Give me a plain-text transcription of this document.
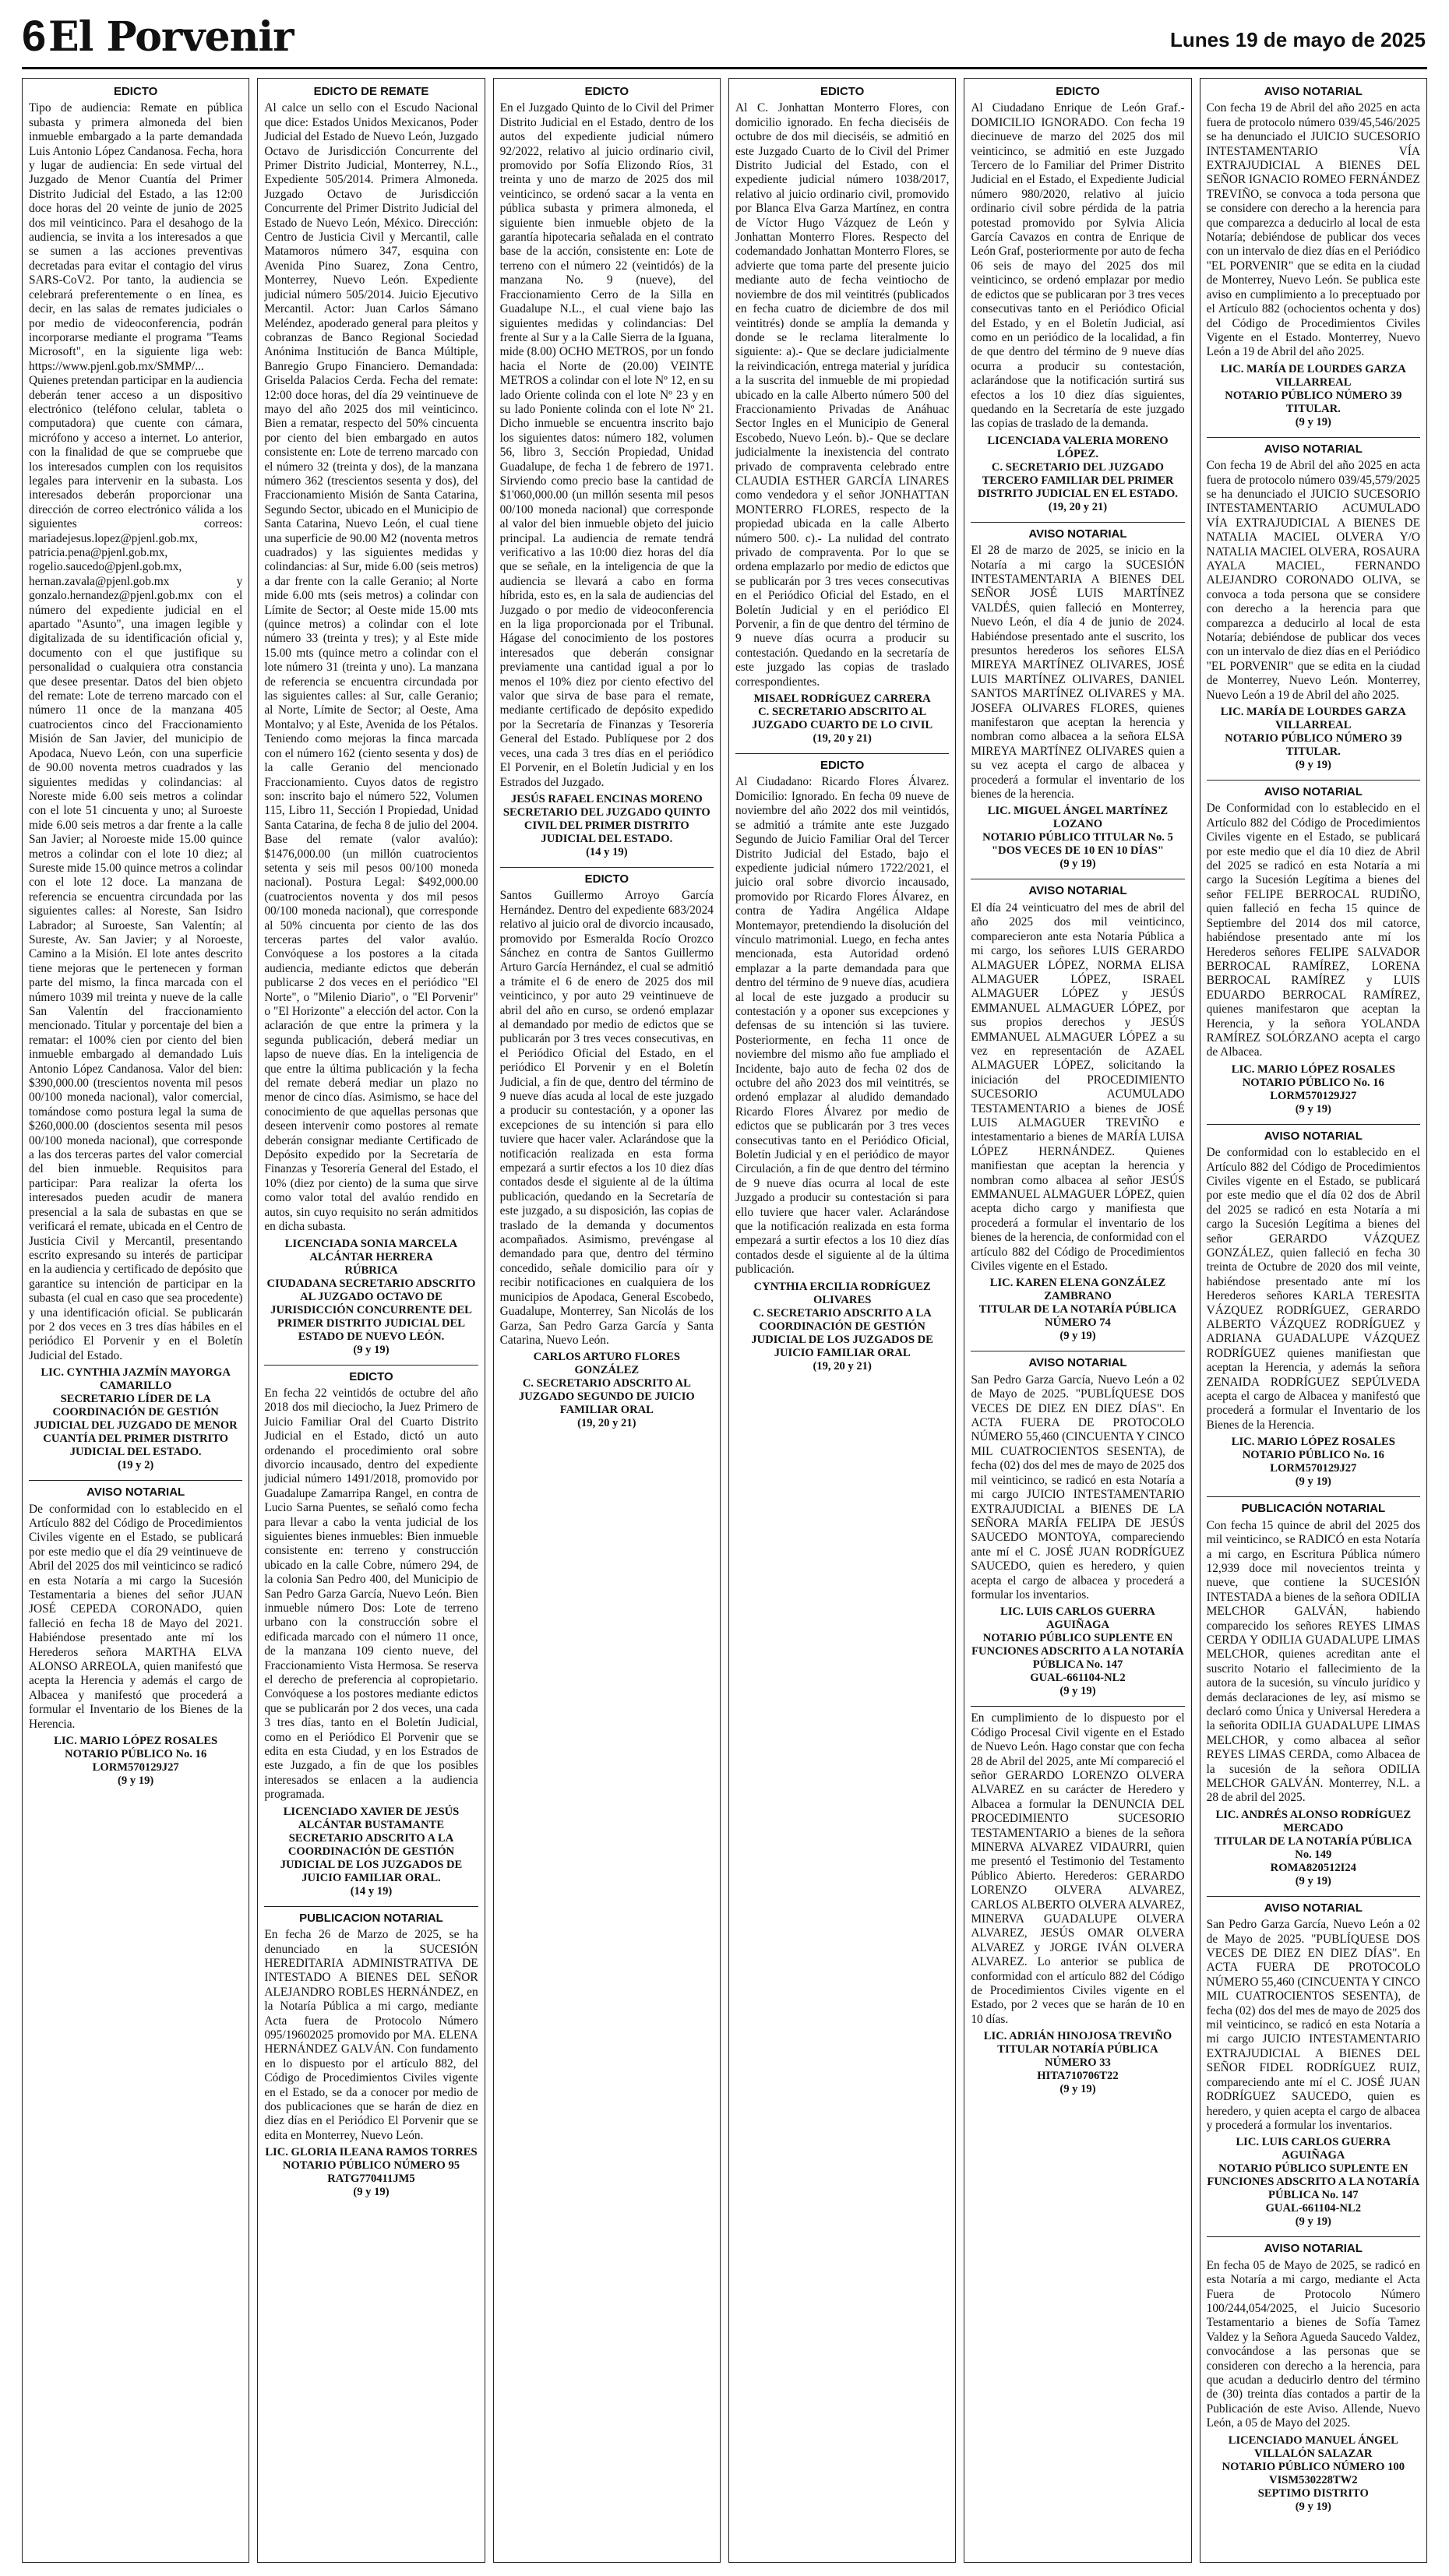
6 El Porvenir	Lunes 19 de mayo de 2025
EDICTO

Tipo de audiencia: Remate en pública subasta y primera almoneda del bien inmueble embargado a la parte demandada Luis Antonio López Candanosa. Fecha, hora y lugar de audiencia: En sede virtual del Juzgado de Menor Cuantía del Primer Distrito Judicial del Estado, a las 12:00 doce horas del 20 veinte de junio de 2025 dos mil veinticinco. Para el desahogo de la audiencia, se invita a los interesados a que se sumen a las acciones preventivas decretadas para evitar el contagio del virus SARS-CoV2. Por tanto, la audiencia se celebrará preferentemente o en línea, es decir, en las salas de remates judiciales o por medio de videoconferencia, podrán incorporarse mediante el programa "Teams Microsoft", en la siguiente liga web: https://www.pjenl.gob.mx/SMMP/... Quienes pretendan participar en la audiencia deberán tener acceso a un dispositivo electrónico (teléfono celular, tableta o computadora) que cuente con cámara, micrófono y acceso a internet. Lo anterior, con la finalidad de que se compruebe que los interesados cumplen con los requisitos legales para intervenir en la subasta. Los interesados deberán proporcionar una dirección de correo electrónico válida a los siguientes correos: mariadejesus.lopez@pjenl.gob.mx, patricia.pena@pjenl.gob.mx, rogelio.saucedo@pjenl.gob.mx, hernan.zavala@pjenl.gob.mx y gonzalo.hernandez@pjenl.gob.mx con el número del expediente judicial en el apartado "Asunto", una imagen legible y digitalizada de su identificación oficial y, documento con el que justifique su personalidad o cualquiera otra constancia que desee presentar. Datos del bien objeto del remate: Lote de terreno marcado con el número 11 once de la manzana 405 cuatrocientos cinco del Fraccionamiento Misión de San Javier, del municipio de Apodaca, Nuevo León, con una superficie de 90.00 noventa metros cuadrados y las siguientes medidas y colindancias: al Noreste mide 6.00 seis metros a colindar con el lote 51 cincuenta y uno; al Suroeste mide 6.00 seis metros a dar frente a la calle San Javier; al Noroeste mide 15.00 quince metros a colindar con el lote 10 diez; al Sureste mide 15.00 quince metros a colindar con el lote 12 doce. La manzana de referencia se encuentra circundada por las siguientes calles: al Noreste, San Isidro Labrador; al Suroeste, San Valentín; al Sureste, Av. San Javier; y al Noroeste, Camino a la Misión. El lote antes descrito tiene mejoras que le pertenecen y forman parte del mismo, la finca marcada con el número 1039 mil treinta y nueve de la calle San Valentín del fraccionamiento mencionado. Titular y porcentaje del bien a rematar: el 100% cien por ciento del bien inmueble embargado al demandado Luis Antonio López Candanosa. Valor del bien: $390,000.00 (trescientos noventa mil pesos 00/100 moneda nacional), valor comercial, tomándose como postura legal la suma de $260,000.00 (doscientos sesenta mil pesos 00/100 moneda nacional), que corresponde a las dos terceras partes del valor comercial del bien inmueble. Requisitos para participar: Para realizar la oferta los interesados pueden acudir de manera presencial a la sala de subastas en que se verificará el remate, ubicada en el Centro de Justicia Civil y Mercantil, presentando escrito expresando su interés de participar en la audiencia y certificado de depósito que garantice su intención de participar en la subasta (el cual en caso que sea procedente) y una identificación oficial. Se publicarán por 2 dos veces en 3 tres días hábiles en el periódico El Porvenir y en el Boletín Judicial del Estado.

LIC. CYNTHIA JAZMÍN MAYORGA CAMARILLO
SECRETARIO LÍDER DE LA COORDINACIÓN DE GESTIÓN JUDICIAL DEL JUZGADO DE MENOR CUANTÍA DEL PRIMER DISTRITO JUDICIAL DEL ESTADO.
(19 y 2)
AVISO NOTARIAL

De conformidad con lo establecido en el Artículo 882 del Código de Procedimientos Civiles vigente en el Estado, se publicará por este medio que el día 29 veintinueve de Abril del 2025 dos mil veinticinco se radicó en esta Notaría a mi cargo la Sucesión Testamentaria a bienes del señor JUAN JOSÉ CEPEDA CORONADO, quien falleció en fecha 18 de Mayo del 2021. Habiéndose presentado ante mí los Herederos señora MARTHA ELVA ALONSO ARREOLA, quien manifestó que acepta la Herencia y además el cargo de Albacea y manifestó que procederá a formular el Inventario de los Bienes de la Herencia.

LIC. MARIO LÓPEZ ROSALES
NOTARIO PÚBLICO No. 16
LORM570129J27
(9 y 19)
EDICTO DE REMATE

Al calce un sello con el Escudo Nacional que dice: Estados Unidos Mexicanos, Poder Judicial del Estado de Nuevo León, Juzgado Octavo de Jurisdicción Concurrente del Primer Distrito Judicial, Monterrey, N.L., Expediente 505/2014. Primera Almoneda. Juzgado Octavo de Jurisdicción Concurrente del Primer Distrito Judicial del Estado de Nuevo León, México. Dirección: Centro de Justicia Civil y Mercantil, calle Matamoros número 347, esquina con Avenida Pino Suarez, Zona Centro, Monterrey, Nuevo León. Expediente judicial número 505/2014. Juicio Ejecutivo Mercantil. Actor: Juan Carlos Sámano Meléndez, apoderado general para pleitos y cobranzas de Banco Regional Sociedad Anónima Institución de Banca Múltiple, Banregio Grupo Financiero. Demandada: Griselda Palacios Cerda. Fecha del remate: 12:00 doce horas, del día 29 veintinueve de mayo del año 2025 dos mil veinticinco. Bien a rematar, respecto del 50% cincuenta por ciento del bien embargado en autos consistente en: Lote de terreno marcado con el número 32 (treinta y dos), de la manzana número 362 (trescientos sesenta y dos), del Fraccionamiento Misión de Santa Catarina, Segundo Sector, ubicado en el Municipio de Santa Catarina, Nuevo León, el cual tiene una superficie de 90.00 M2 (noventa metros cuadrados) y las siguientes medidas y colindancias: al Sur, mide 6.00 (seis metros) a dar frente con la calle Geranio; al Norte mide 6.00 mts (seis metros) a colindar con Límite de Sector; al Oeste mide 15.00 mts (quince metros) a colindar con el lote número 33 (treinta y tres); y al Este mide 15.00 mts (quince metro a colindar con el lote número 31 (treinta y uno). La manzana de referencia se encuentra circundada por las siguientes calles: al Sur, calle Geranio; al Norte, Límite de Sector; al Oeste, Ama Montalvo; y al Este, Avenida de los Pétalos. Teniendo como mejoras la finca marcada con el número 162 (ciento sesenta y dos) de la calle Geranio del mencionado Fraccionamiento. Cuyos datos de registro son: inscrito bajo el número 522, Volumen 115, Libro 11, Sección I Propiedad, Unidad Santa Catarina, de fecha 8 de julio del 2004. Base del remate (valor avalúo): $1476,000.00 (un millón cuatrocientos setenta y seis mil pesos 00/100 moneda nacional). Postura Legal: $492,000.00 (cuatrocientos noventa y dos mil pesos 00/100 moneda nacional), que corresponde al 50% cincuenta por ciento de las dos terceras partes del valor avalúo. Convóquese a los postores a la citada audiencia, mediante edictos que deberán publicarse 2 dos veces en el periódico "El Norte", o "Milenio Diario", o "El Porvenir" o "El Horizonte" a elección del actor. Con la aclaración de que entre la primera y la segunda publicación, deberá mediar un lapso de nueve días. En la inteligencia de que entre la última publicación y la fecha del remate deberá mediar un plazo no menor de cinco días. Asimismo, se hace del conocimiento de que aquellas personas que deseen intervenir como postores al remate deberán consignar mediante Certificado de Depósito expedido por la Secretaría de Finanzas y Tesorería General del Estado, el 10% (diez por ciento) de la suma que sirve como valor total del avalúo rendido en autos, sin cuyo requisito no serán admitidos en dicha subasta.

LICENCIADA SONIA MARCELA ALCÁNTAR HERRERA
RÚBRICA
CIUDADANA SECRETARIO ADSCRITO AL JUZGADO OCTAVO DE JURISDICCIÓN CONCURRENTE DEL PRIMER DISTRITO JUDICIAL DEL ESTADO DE NUEVO LEÓN.
(9 y 19)
EDICTO

En fecha 22 veintidós de octubre del año 2018 dos mil dieciocho, la Juez Primero de Juicio Familiar Oral del Cuarto Distrito Judicial en el Estado, dictó un auto ordenando el procedimiento oral sobre divorcio incausado, dentro del expediente judicial número 1491/2018, promovido por Guadalupe Zamarripa Rangel, en contra de Lucio Sarna Puentes, se señaló como fecha para llevar a cabo la venta judicial de los siguientes bienes inmuebles: Bien inmueble consistente en: terreno y construcción ubicado en la calle Cobre, número 294, de la colonia San Pedro 400, del Municipio de San Pedro Garza García, Nuevo León. Bien inmueble número Dos: Lote de terreno urbano con la construcción sobre el edificada marcado con el número 11 once, de la manzana 109 ciento nueve, del Fraccionamiento Vista Hermosa. Se reserva el derecho de preferencia al copropietario. Convóquese a los postores mediante edictos que se publicarán por 2 dos veces, una cada 3 tres días, tanto en el Boletín Judicial, como en el Periódico El Porvenir que se edita en esta Ciudad, y en los Estrados de este Juzgado, a fin de que los posibles interesados se enlacen a la audiencia programada.

LICENCIADO XAVIER DE JESÚS ALCÁNTAR BUSTAMANTE
SECRETARIO ADSCRITO A LA COORDINACIÓN DE GESTIÓN JUDICIAL DE LOS JUZGADOS DE JUICIO FAMILIAR ORAL.
(14 y 19)
PUBLICACION NOTARIAL

En fecha 26 de Marzo de 2025, se ha denunciado en la SUCESIÓN HEREDITARIA ADMINISTRATIVA DE INTESTADO A BIENES DEL SEÑOR ALEJANDRO ROBLES HERNÁNDEZ, en la Notaría Pública a mi cargo, mediante Acta fuera de Protocolo Número 095/19602025 promovido por MA. ELENA HERNÁNDEZ GALVÁN. Con fundamento en lo dispuesto por el artículo 882, del Código de Procedimientos Civiles vigente en el Estado, se da a conocer por medio de dos publicaciones que se harán de diez en diez días en el Periódico El Porvenir que se edita en Monterrey, Nuevo León.

LIC. GLORIA ILEANA RAMOS TORRES
NOTARIO PÚBLICO NÚMERO 95
RATG770411JM5
(9 y 19)
EDICTO

En el Juzgado Quinto de lo Civil del Primer Distrito Judicial en el Estado, dentro de los autos del expediente judicial número 92/2022, relativo al juicio ordinario civil, promovido por Sofía Elizondo Ríos, 31 treinta y uno de marzo de 2025 dos mil veinticinco, se ordenó sacar a la venta en pública subasta y primera almoneda, el siguiente bien inmueble objeto de la garantía hipotecaria señalada en el contrato base de la acción, consistente en: Lote de terreno con el número 22 (veintidós) de la manzana No. 9 (nueve), del Fraccionamiento Cerro de la Silla en Guadalupe N.L., el cual viene bajo las siguientes medidas y colindancias: Del frente al Sur y a la Calle Sierra de la Iguana, mide (8.00) OCHO METROS, por un fondo hacia el Norte de (20.00) VEINTE METROS a colindar con el lote Nº 12, en su lado Oriente colinda con el lote Nº 23 y en su lado Poniente colinda con el lote Nº 21. Dicho inmueble se encuentra inscrito bajo los siguientes datos: número 182, volumen 56, libro 3, Sección Propiedad, Unidad Guadalupe, de fecha 1 de febrero de 1971. Sirviendo como precio base la cantidad de $1'060,000.00 (un millón sesenta mil pesos 00/100 moneda nacional) que corresponde al valor del bien inmueble objeto del juicio principal. La audiencia de remate tendrá verificativo a las 10:00 diez horas del día que se señale, en la inteligencia de que la audiencia se llevará a cabo en forma híbrida, esto es, en la sala de audiencias del Juzgado o por medio de videoconferencia en la liga proporcionada por el Tribunal. Hágase del conocimiento de los postores interesados que deberán consignar previamente una cantidad igual a por lo menos el 10% diez por ciento efectivo del valor que sirva de base para el remate, mediante certificado de depósito expedido por la Secretaría de Finanzas y Tesorería General del Estado. Publíquese por 2 dos veces, una cada 3 tres días en el periódico El Porvenir, en el Boletín Judicial y en los Estrados del Juzgado.

JESÚS RAFAEL ENCINAS MORENO
SECRETARIO DEL JUZGADO QUINTO CIVIL DEL PRIMER DISTRITO JUDICIAL DEL ESTADO.
(14 y 19)
EDICTO

Santos Guillermo Arroyo García Hernández. Dentro del expediente 683/2024 relativo al juicio oral de divorcio incausado, promovido por Esmeralda Rocío Orozco Sánchez en contra de Santos Guillermo Arturo García Hernández, el cual se admitió a trámite el 6 de enero de 2025 dos mil veinticinco, y por auto 29 veintinueve de abril del año en curso, se ordenó emplazar al demandado por medio de edictos que se publicarán por 3 tres veces consecutivas, en el Periódico Oficial del Estado, en el periódico El Porvenir y en el Boletín Judicial, a fin de que, dentro del término de 9 nueve días acuda al local de este juzgado a producir su contestación, y a oponer las excepciones de su intención si para ello tuviere que hacer valer. Aclarándose que la notificación realizada en esta forma empezará a surtir efectos a los 10 diez días contados desde el siguiente al de la última publicación, quedando en la Secretaría de este juzgado, a su disposición, las copias de traslado de la demanda y documentos acompañados. Asimismo, prevéngase al demandado para que, dentro del término concedido, señale domicilio para oír y recibir notificaciones en cualquiera de los municipios de Apodaca, General Escobedo, Guadalupe, Monterrey, San Nicolás de los Garza, San Pedro Garza García y Santa Catarina, Nuevo León.

CARLOS ARTURO FLORES GONZÁLEZ
C. SECRETARIO ADSCRITO AL JUZGADO SEGUNDO DE JUICIO FAMILIAR ORAL
(19, 20 y 21)
EDICTO

Al C. Jonhattan Monterro Flores, con domicilio ignorado. En fecha dieciséis de octubre de dos mil dieciséis, se admitió en este Juzgado Cuarto de lo Civil del Primer Distrito Judicial del Estado, con el expediente judicial número 1038/2017, relativo al juicio ordinario civil, promovido por Blanca Elva Garza Martínez, en contra de Víctor Hugo Vázquez de León y Jonhattan Monterro Flores. Respecto del codemandado Jonhattan Monterro Flores, se advierte que toma parte del presente juicio mediante auto de fecha veintiocho de noviembre de dos mil veintitrés (publicados en fecha cuatro de diciembre de dos mil veintitrés) donde se amplía la demanda y donde se le reclama literalmente lo siguiente: a).- Que se declare judicialmente la reivindicación, entrega material y jurídica a la suscrita del inmueble de mi propiedad ubicado en la calle Alberto número 500 del Fraccionamiento Privadas de Anáhuac Sector Ingles en el Municipio de General Escobedo, Nuevo León. b).- Que se declare judicialmente la inexistencia del contrato privado de compraventa celebrado entre CLAUDIA ESTHER GARCÍA LINARES como vendedora y el señor JONHATTAN MONTERRO FLORES, respecto de la propiedad ubicada en la calle Alberto número 500. c).- La nulidad del contrato privado de compraventa. Por lo que se ordena emplazarlo por medio de edictos que se publicarán por 3 tres veces consecutivas en el Periódico Oficial del Estado, en el Boletín Judicial y en el periódico El Porvenir, a fin de que dentro del término de 9 nueve días ocurra a producir su contestación. Quedando en la secretaría de este juzgado las copias de traslado correspondientes.

MISAEL RODRÍGUEZ CARRERA
C. SECRETARIO ADSCRITO AL JUZGADO CUARTO DE LO CIVIL
(19, 20 y 21)
EDICTO

Al Ciudadano: Ricardo Flores Álvarez. Domicilio: Ignorado. En fecha 09 nueve de noviembre del año 2022 dos mil veintidós, se admitió a trámite ante este Juzgado Segundo de Juicio Familiar Oral del Tercer Distrito Judicial del Estado, bajo el expediente judicial número 1722/2021, el juicio oral sobre divorcio incausado, promovido por Ricardo Flores Álvarez, en contra de Yadira Angélica Aldape Montemayor, pretendiendo la disolución del vínculo matrimonial. Luego, en fecha antes mencionada, esta Autoridad ordenó emplazar a la parte demandada para que dentro del término de 9 nueve días, acudiera al local de este juzgado a producir su contestación y a oponer sus excepciones y defensas de su intención si las tuviere. Posteriormente, en fecha 11 once de noviembre del mismo año fue ampliado el Incidente, bajo auto de fecha 02 dos de octubre del año 2023 dos mil veintitrés, se ordenó emplazar al aludido demandado Ricardo Flores Álvarez por medio de edictos que se publicarán por 3 tres veces consecutivas tanto en el Periódico Oficial, Boletín Judicial y en el periódico de mayor Circulación, a fin de que dentro del término de 9 nueve días ocurra al local de este Juzgado a producir su contestación si para ello tuviere que hacer valer. Aclarándose que la notificación realizada en esta forma empezará a surtir efectos a los 10 diez días contados desde el siguiente al de la última publicación.

CYNTHIA ERCILIA RODRÍGUEZ OLIVARES
C. SECRETARIO ADSCRITO A LA COORDINACIÓN DE GESTIÓN JUDICIAL DE LOS JUZGADOS DE JUICIO FAMILIAR ORAL
(19, 20 y 21)
EDICTO

Al Ciudadano Enrique de León Graf.- DOMICILIO IGNORADO. Con fecha 19 diecinueve de marzo del 2025 dos mil veinticinco, se admitió en este Juzgado Tercero de lo Familiar del Primer Distrito Judicial en el Estado, el Expediente Judicial número 980/2020, relativo al juicio ordinario civil sobre pérdida de la patria potestad promovido por Sylvia Alicia García Cavazos en contra de Enrique de León Graf, posteriormente por auto de fecha 06 seis de mayo del 2025 dos mil veinticinco, se ordenó emplazar por medio de edictos que se publicaran por 3 tres veces consecutivas tanto en el Periódico Oficial del Estado, y en el Boletín Judicial, así como en un periódico de la localidad, a fin de que dentro del término de 9 nueve días ocurra a producir su contestación, aclarándose que la notificación surtirá sus efectos a los 10 diez días siguientes, quedando en la Secretaría de este juzgado las copias de traslado de la demanda.

LICENCIADA VALERIA MORENO LÓPEZ.
C. SECRETARIO DEL JUZGADO TERCERO FAMILIAR DEL PRIMER DISTRITO JUDICIAL EN EL ESTADO.
(19, 20 y 21)
AVISO NOTARIAL

El 28 de marzo de 2025, se inicio en la Notaría a mi cargo la SUCESIÓN INTESTAMENTARIA A BIENES DEL SEÑOR JOSÉ LUIS MARTÍNEZ VALDÉS, quien falleció en Monterrey, Nuevo León, el día 4 de junio de 2024. Habiéndose presentado ante el suscrito, los presuntos herederos los señores ELSA MIREYA MARTÍNEZ OLIVARES, JOSÉ LUIS MARTÍNEZ OLIVARES, DANIEL SANTOS MARTÍNEZ OLIVARES y MA. JOSEFA OLIVARES FLORES, quienes manifestaron que aceptan la herencia y nombran como albacea a la señora ELSA MIREYA MARTÍNEZ OLIVARES quien a su vez acepta el cargo de albacea y procederá a formular el inventario de los bienes de la herencia.

LIC. MIGUEL ÁNGEL MARTÍNEZ LOZANO
NOTARIO PÚBLICO TITULAR No. 5
"DOS VECES DE 10 EN 10 DÍAS"
(9 y 19)
AVISO NOTARIAL

El día 24 veinticuatro del mes de abril del año 2025 dos mil veinticinco, comparecieron ante esta Notaría Pública a mi cargo, los señores LUIS GERARDO ALMAGUER LÓPEZ, NORMA ELISA ALMAGUER LÓPEZ, ISRAEL ALMAGUER LÓPEZ y JESÚS EMMANUEL ALMAGUER LÓPEZ, por sus propios derechos y JESÚS EMMANUEL ALMAGUER LÓPEZ a su vez en representación de AZAEL ALMAGUER LÓPEZ, solicitando la iniciación del PROCEDIMIENTO SUCESORIO ACUMULADO TESTAMENTARIO a bienes de JOSÉ LUIS ALMAGUER TREVIÑO e intestamentario a bienes de MARÍA LUISA LÓPEZ HERNÁNDEZ. Quienes manifiestan que aceptan la herencia y nombran como albacea al señor JESÚS EMMANUEL ALMAGUER LÓPEZ, quien acepta dicho cargo y manifiesta que procederá a formular el inventario de los bienes de la herencia, de conformidad con el artículo 882 del Código de Procedimientos Civiles vigente en el Estado.

LIC. KAREN ELENA GONZÁLEZ ZAMBRANO
TITULAR DE LA NOTARÍA PÚBLICA NÚMERO 74
(9 y 19)
AVISO NOTARIAL

San Pedro Garza García, Nuevo León a 02 de Mayo de 2025. "PUBLÍQUESE DOS VECES DE DIEZ EN DIEZ DÍAS". En ACTA FUERA DE PROTOCOLO NÚMERO 55,460 (CINCUENTA Y CINCO MIL CUATROCIENTOS SESENTA), de fecha (02) dos del mes de mayo de 2025 dos mil veinticinco, se radicó en esta Notaría a mi cargo JUICIO INTESTAMENTARIO EXTRAJUDICIAL a BIENES DE LA SEÑORA MARÍA FELIPA DE JESÚS SAUCEDO MONTOYA, compareciendo ante mí el C. JOSÉ JUAN RODRÍGUEZ SAUCEDO, quien es heredero, y quien acepta el cargo de albacea y procederá a formular los inventarios.

LIC. LUIS CARLOS GUERRA AGUIÑAGA
NOTARIO PÚBLICO SUPLENTE EN FUNCIONES ADSCRITO A LA NOTARÍA PÚBLICA No. 147
GUAL-661104-NL2
(9 y 19)

En cumplimiento de lo dispuesto por el Código Procesal Civil vigente en el Estado de Nuevo León. Hago constar que con fecha 28 de Abril del 2025, ante Mí compareció el señor GERARDO LORENZO OLVERA ALVAREZ en su carácter de Heredero y Albacea a formular la DENUNCIA DEL PROCEDIMIENTO SUCESORIO TESTAMENTARIO a bienes de la señora MINERVA ALVAREZ VIDAURRI, quien me presentó el Testimonio del Testamento Público Abierto. Herederos: GERARDO LORENZO OLVERA ALVAREZ, CARLOS ALBERTO OLVERA ALVAREZ, MINERVA GUADALUPE OLVERA ALVAREZ, JESÚS OMAR OLVERA ALVAREZ y JORGE IVÁN OLVERA ALVAREZ. Lo anterior se publica de conformidad con el artículo 882 del Código de Procedimientos Civiles vigente en el Estado, por 2 veces que se harán de 10 en 10 días.

LIC. ADRIÁN HINOJOSA TREVIÑO
TITULAR NOTARÍA PÚBLICA NÚMERO 33
HITA710706T22
(9 y 19)
AVISO NOTARIAL

Con fecha 19 de Abril del año 2025 en acta fuera de protocolo número 039/45,546/2025 se ha denunciado el JUICIO SUCESORIO INTESTAMENTARIO VÍA EXTRAJUDICIAL A BIENES DEL SEÑOR IGNACIO ROMEO FERNÁNDEZ TREVIÑO, se convoca a toda persona que se considere con derecho a la herencia para que comparezca a deducirlo al local de esta Notaría; debiéndose de publicar dos veces con un intervalo de diez días en el Periódico "EL PORVENIR" que se edita en la ciudad de Monterrey, Nuevo León. Se publica este aviso en cumplimiento a lo preceptuado por el Artículo 882 (ochocientos ochenta y dos) del Código de Procedimientos Civiles Vigente en el Estado. Monterrey, Nuevo León a 19 de Abril del año 2025.

LIC. MARÍA DE LOURDES GARZA VILLARREAL
NOTARIO PÚBLICO NÚMERO 39
TITULAR.
(9 y 19)
AVISO NOTARIAL

Con fecha 19 de Abril del año 2025 en acta fuera de protocolo número 039/45,579/2025 se ha denunciado el JUICIO SUCESORIO INTESTAMENTARIO ACUMULADO VÍA EXTRAJUDICIAL A BIENES DE NATALIA MACIEL OLVERA Y/O NATALIA MACIEL OLVERA, ROSAURA AYALA MACIEL, FERNANDO ALEJANDRO CORONADO OLIVA, se convoca a toda persona que se considere con derecho a la herencia para que comparezca a deducirlo al local de esta Notaría; debiéndose de publicar dos veces con un intervalo de diez días en el Periódico "EL PORVENIR" que se edita en la ciudad de Monterrey, Nuevo León. Monterrey, Nuevo León a 19 de Abril del año 2025.

LIC. MARÍA DE LOURDES GARZA VILLARREAL
NOTARIO PÚBLICO NÚMERO 39
TITULAR.
(9 y 19)
AVISO NOTARIAL

De Conformidad con lo establecido en el Artículo 882 del Código de Procedimientos Civiles vigente en el Estado, se publicará por este medio que el día 10 diez de Abril del 2025 se radicó en esta Notaría a mi cargo la Sucesión Legítima a bienes del señor FELIPE BERROCAL RUDIÑO, quien falleció en fecha 15 quince de Septiembre del 2014 dos mil catorce, habiéndose presentado ante mí los Herederos señores FELIPE SALVADOR BERROCAL RAMÍREZ, LORENA BERROCAL RAMÍREZ y LUIS EDUARDO BERROCAL RAMÍREZ, quienes manifestaron que aceptan la Herencia, y la señora YOLANDA RAMÍREZ SOLÓRZANO acepta el cargo de Albacea.

LIC. MARIO LÓPEZ ROSALES
NOTARIO PÚBLICO No. 16
LORM570129J27
(9 y 19)
AVISO NOTARIAL

De conformidad con lo establecido en el Artículo 882 del Código de Procedimientos Civiles vigente en el Estado, se publicará por este medio que el día 02 dos de Abril del 2025 se radicó en esta Notaría a mi cargo la Sucesión Legítima a bienes del señor GERARDO VÁZQUEZ GONZÁLEZ, quien falleció en fecha 30 treinta de Octubre de 2020 dos mil veinte, habiéndose presentado ante mí los Herederos señores KARLA TERESITA VÁZQUEZ RODRÍGUEZ, GERARDO ALBERTO VÁZQUEZ RODRÍGUEZ y ADRIANA GUADALUPE VÁZQUEZ RODRÍGUEZ quienes manifiestan que aceptan la Herencia, y además la señora ZENAIDA RODRÍGUEZ SEPÚLVEDA acepta el cargo de Albacea y manifestó que procederá a formular el Inventario de los Bienes de la Herencia.

LIC. MARIO LÓPEZ ROSALES
NOTARIO PÚBLICO No. 16
LORM570129J27
(9 y 19)
PUBLICACIÓN NOTARIAL

Con fecha 15 quince de abril del 2025 dos mil veinticinco, se RADICÓ en esta Notaría a mi cargo, en Escritura Pública número 12,939 doce mil novecientos treinta y nueve, que contiene la SUCESIÓN INTESTADA a bienes de la señora ODILIA MELCHOR GALVÁN, habiendo comparecido los señores REYES LIMAS CERDA Y ODILIA GUADALUPE LIMAS MELCHOR, quienes acreditan ante el suscrito Notario el fallecimiento de la autora de la sucesión, su vínculo jurídico y demás declaraciones de ley, así mismo se declaró como Única y Universal Heredera a la señorita ODILIA GUADALUPE LIMAS MELCHOR, y como albacea al señor REYES LIMAS CERDA, como Albacea de la sucesión de la señora ODILIA MELCHOR GALVÁN. Monterrey, N.L. a 28 de abril del 2025.

LIC. ANDRÉS ALONSO RODRÍGUEZ MERCADO
TITULAR DE LA NOTARÍA PÚBLICA No. 149
ROMA820512I24
(9 y 19)
AVISO NOTARIAL

San Pedro Garza García, Nuevo León a 02 de Mayo de 2025. "PUBLÍQUESE DOS VECES DE DIEZ EN DIEZ DÍAS". En ACTA FUERA DE PROTOCOLO NÚMERO 55,460 (CINCUENTA Y CINCO MIL CUATROCIENTOS SESENTA), de fecha (02) dos del mes de mayo de 2025 dos mil veinticinco, se radicó en esta Notaría a mi cargo JUICIO INTESTAMENTARIO EXTRAJUDICIAL A BIENES DEL SEÑOR FIDEL RODRÍGUEZ RUIZ, compareciendo ante mí el C. JOSÉ JUAN RODRÍGUEZ SAUCEDO, quien es heredero, y quien acepta el cargo de albacea y procederá a formular los inventarios.

LIC. LUIS CARLOS GUERRA AGUIÑAGA
NOTARIO PÚBLICO SUPLENTE EN FUNCIONES ADSCRITO A LA NOTARÍA PÚBLICA No. 147
GUAL-661104-NL2
(9 y 19)
AVISO NOTARIAL

En fecha 05 de Mayo de 2025, se radicó en esta Notaría a mi cargo, mediante el Acta Fuera de Protocolo Número 100/244,054/2025, el Juicio Sucesorio Testamentario a bienes de Sofía Tamez Valdez y la Señora Agueda Saucedo Valdez, convocándose a las personas que se consideren con derecho a la herencia, para que acudan a deducirlo dentro del término de (30) treinta días contados a partir de la Publicación de este Aviso. Allende, Nuevo León, a 05 de Mayo del 2025.

LICENCIADO MANUEL ÁNGEL VILLALÓN SALAZAR
NOTARIO PÚBLICO NÚMERO 100
VISM530228TW2
SEPTIMO DISTRITO
(9 y 19)
